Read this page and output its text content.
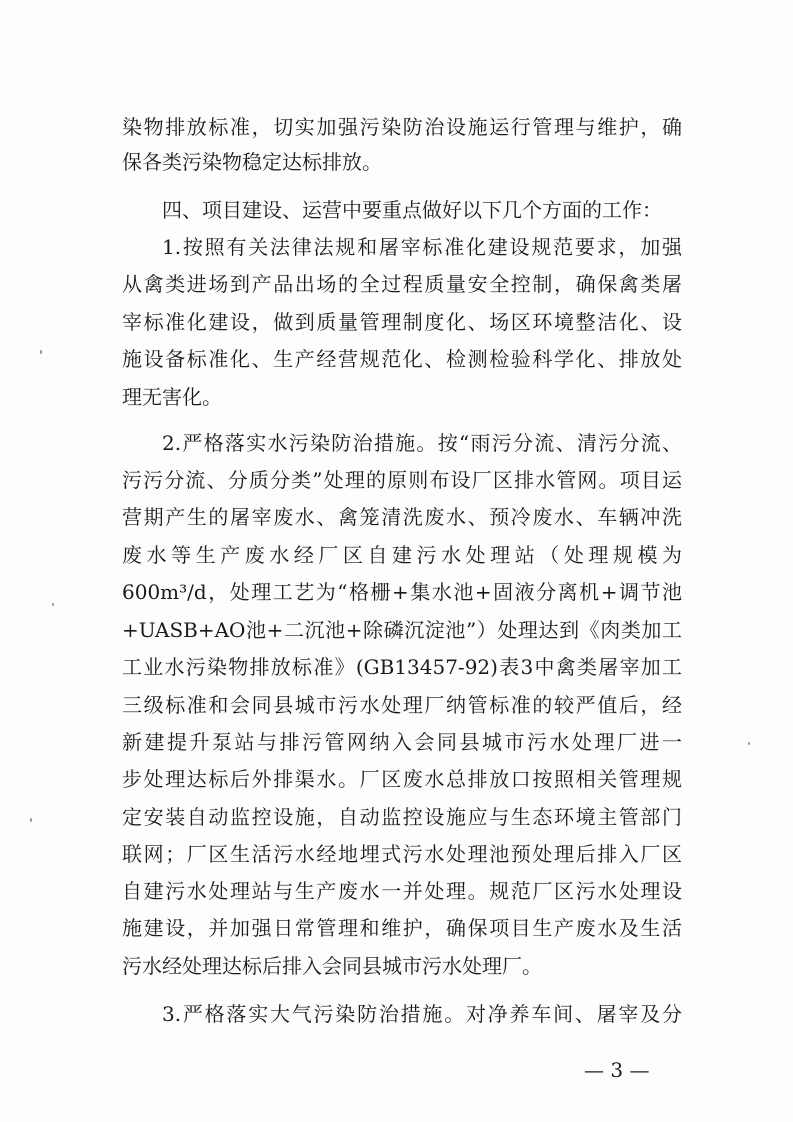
染物排放标准，切实加强污染防治设施运行管理与维护，确
保各类污染物稳定达标排放。
四、项目建设、运营中要重点做好以下几个方面的工作：
1.按照有关法律法规和屠宰标准化建设规范要求，加强
从禽类进场到产品出场的全过程质量安全控制，确保禽类屠
宰标准化建设，做到质量管理制度化、场区环境整洁化、设
施设备标准化、生产经营规范化、检测检验科学化、排放处
理无害化。
2.严格落实水污染防治措施。按“雨污分流、清污分流、
污污分流、分质分类”处理的原则布设厂区排水管网。项目运
营期产生的屠宰废水、禽笼清洗废水、预冷废水、车辆冲洗
废水等生产废水经厂区自建污水处理站（处理规模为
600m³/d，处理工艺为“格栅+集水池+固液分离机+调节池
+UASB+AO池+二沉池+除磷沉淀池”）处理达到《肉类加工
工业水污染物排放标准》(GB13457-92)表3中禽类屠宰加工
三级标准和会同县城市污水处理厂纳管标准的较严值后，经
新建提升泵站与排污管网纳入会同县城市污水处理厂进一
步处理达标后外排渠水。厂区废水总排放口按照相关管理规
定安装自动监控设施，自动监控设施应与生态环境主管部门
联网；厂区生活污水经地埋式污水处理池预处理后排入厂区
自建污水处理站与生产废水一并处理。规范厂区污水处理设
施建设，并加强日常管理和维护，确保项目生产废水及生活
污水经处理达标后排入会同县城市污水处理厂。
3.严格落实大气污染防治措施。对净养车间、屠宰及分
— 3 —
